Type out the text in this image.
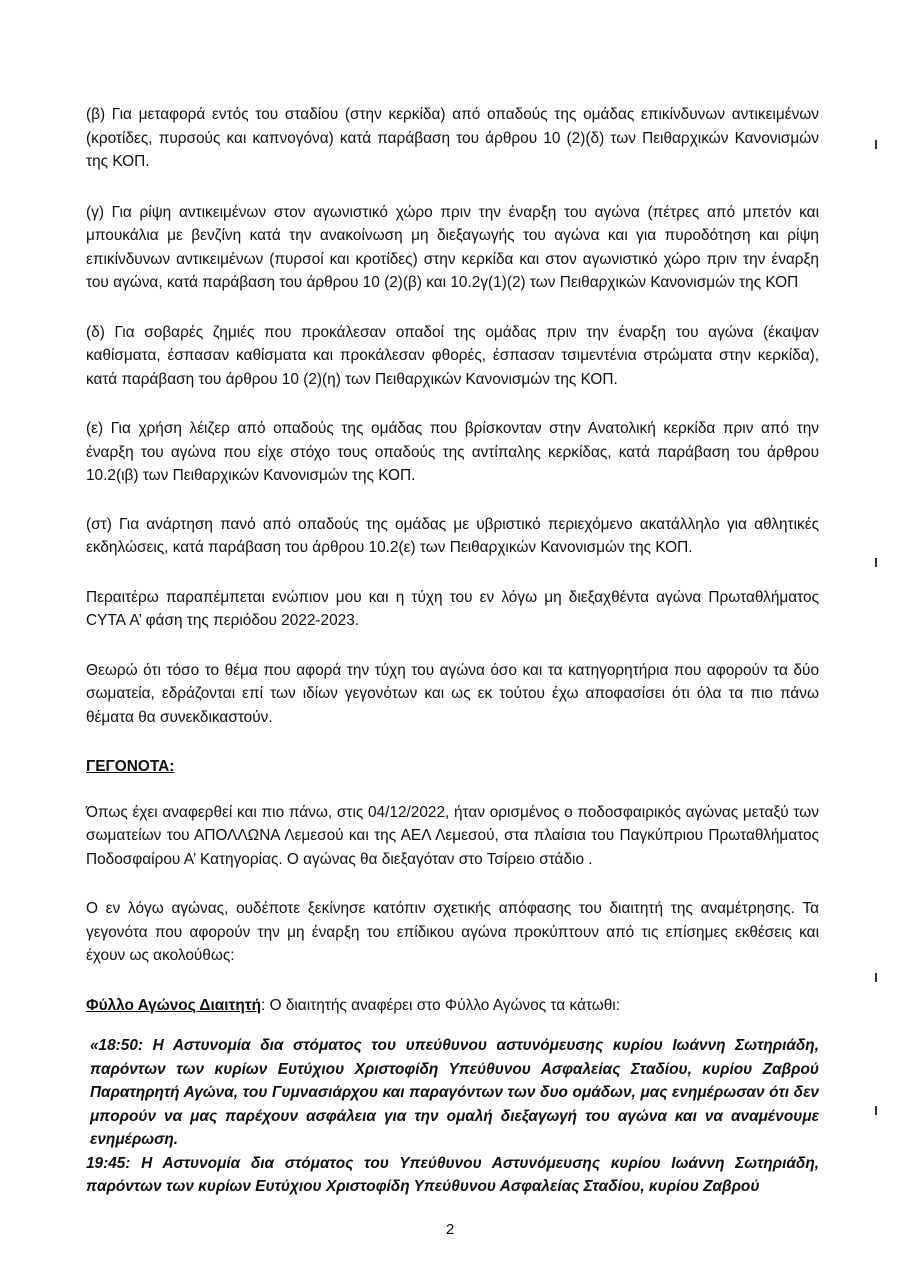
(β) Για μεταφορά εντός του σταδίου (στην κερκίδα) από οπαδούς της ομάδας επικίνδυνων αντικειμένων (κροτίδες, πυρσούς και καπνογόνα) κατά παράβαση του άρθρου 10 (2)(δ) των Πειθαρχικών Κανονισμών της ΚΟΠ.

(γ) Για ρίψη αντικειμένων στον αγωνιστικό χώρο πριν την έναρξη του αγώνα (πέτρες από μπετόν και μπουκάλια με βενζίνη κατά την ανακοίνωση μη διεξαγωγής του αγώνα και για πυροδότηση και ρίψη επικίνδυνων αντικειμένων (πυρσοί και κροτίδες) στην κερκίδα και στον αγωνιστικό χώρο πριν την έναρξη του αγώνα, κατά παράβαση του άρθρου 10 (2)(β) και 10.2γ(1)(2) των Πειθαρχικών Κανονισμών της ΚΟΠ

(δ) Για σοβαρές ζημιές που προκάλεσαν οπαδοί της ομάδας πριν την έναρξη του αγώνα (έκαψαν καθίσματα, έσπασαν καθίσματα και προκάλεσαν φθορές, έσπασαν τσιμεντένια στρώματα στην κερκίδα), κατά παράβαση του άρθρου 10 (2)(η) των Πειθαρχικών Κανονισμών της ΚΟΠ.

(ε) Για χρήση λέιζερ από οπαδούς της ομάδας που βρίσκονταν στην Ανατολική κερκίδα πριν από την έναρξη του αγώνα που είχε στόχο τους οπαδούς της αντίπαλης κερκίδας, κατά παράβαση του άρθρου 10.2(ιβ) των Πειθαρχικών Κανονισμών της ΚΟΠ.

(στ) Για ανάρτηση πανό από οπαδούς της ομάδας με υβριστικό περιεχόμενο ακατάλληλο για αθλητικές εκδηλώσεις, κατά παράβαση του άρθρου 10.2(ε) των Πειθαρχικών Κανονισμών της ΚΟΠ.

Περαιτέρω παραπέμπεται ενώπιον μου και η τύχη του εν λόγω μη διεξαχθέντα αγώνα Πρωταθλήματος CYTA Α’ φάση της περιόδου 2022-2023.

Θεωρώ ότι τόσο το θέμα που αφορά την τύχη του αγώνα όσο και τα κατηγορητήρια που αφορούν τα δύο σωματεία, εδράζονται επί των ιδίων γεγονότων και ως εκ τούτου έχω αποφασίσει ότι όλα τα πιο πάνω θέματα θα συνεκδικαστούν.

ΓΕΓΟΝΟΤΑ:

Όπως έχει αναφερθεί και πιο πάνω, στις 04/12/2022, ήταν ορισμένος ο ποδοσφαιρικός αγώνας μεταξύ των σωματείων του ΑΠΟΛΛΩΝΑ Λεμεσού και της ΑΕΛ Λεμεσού, στα πλαίσια του Παγκύπριου Πρωταθλήματος Ποδοσφαίρου Α’ Κατηγορίας. Ο αγώνας θα διεξαγόταν στο Τσίρειο στάδιο .

Ο εν λόγω αγώνας, ουδέποτε ξεκίνησε κατόπιν σχετικής απόφασης του διαιτητή της αναμέτρησης. Τα γεγονότα που αφορούν την μη έναρξη του επίδικου αγώνα προκύπτουν από τις επίσημες εκθέσεις και έχουν ως ακολούθως:

Φύλλο Αγώνος Διαιτητή: Ο διαιτητής αναφέρει στο Φύλλο Αγώνος τα κάτωθι:

«18:50: Η Αστυνομία δια στόματος του υπεύθυνου αστυνόμευσης κυρίου Ιωάννη Σωτηριάδη, παρόντων των κυρίων Ευτύχιου Χριστοφίδη Υπεύθυνου Ασφαλείας Σταδίου, κυρίου Ζαβρού Παρατηρητή Αγώνα, του Γυμνασιάρχου και παραγόντων των δυο ομάδων, μας ενημέρωσαν ότι δεν μπορούν να μας παρέχουν ασφάλεια για την ομαλή διεξαγωγή του αγώνα και να αναμένουμε ενημέρωση.

19:45: Η Αστυνομία δια στόματος του Υπεύθυνου Αστυνόμευσης κυρίου Ιωάννη Σωτηριάδη, παρόντων των κυρίων Ευτύχιου Χριστοφίδη Υπεύθυνου Ασφαλείας Σταδίου, κυρίου Ζαβρού

2
